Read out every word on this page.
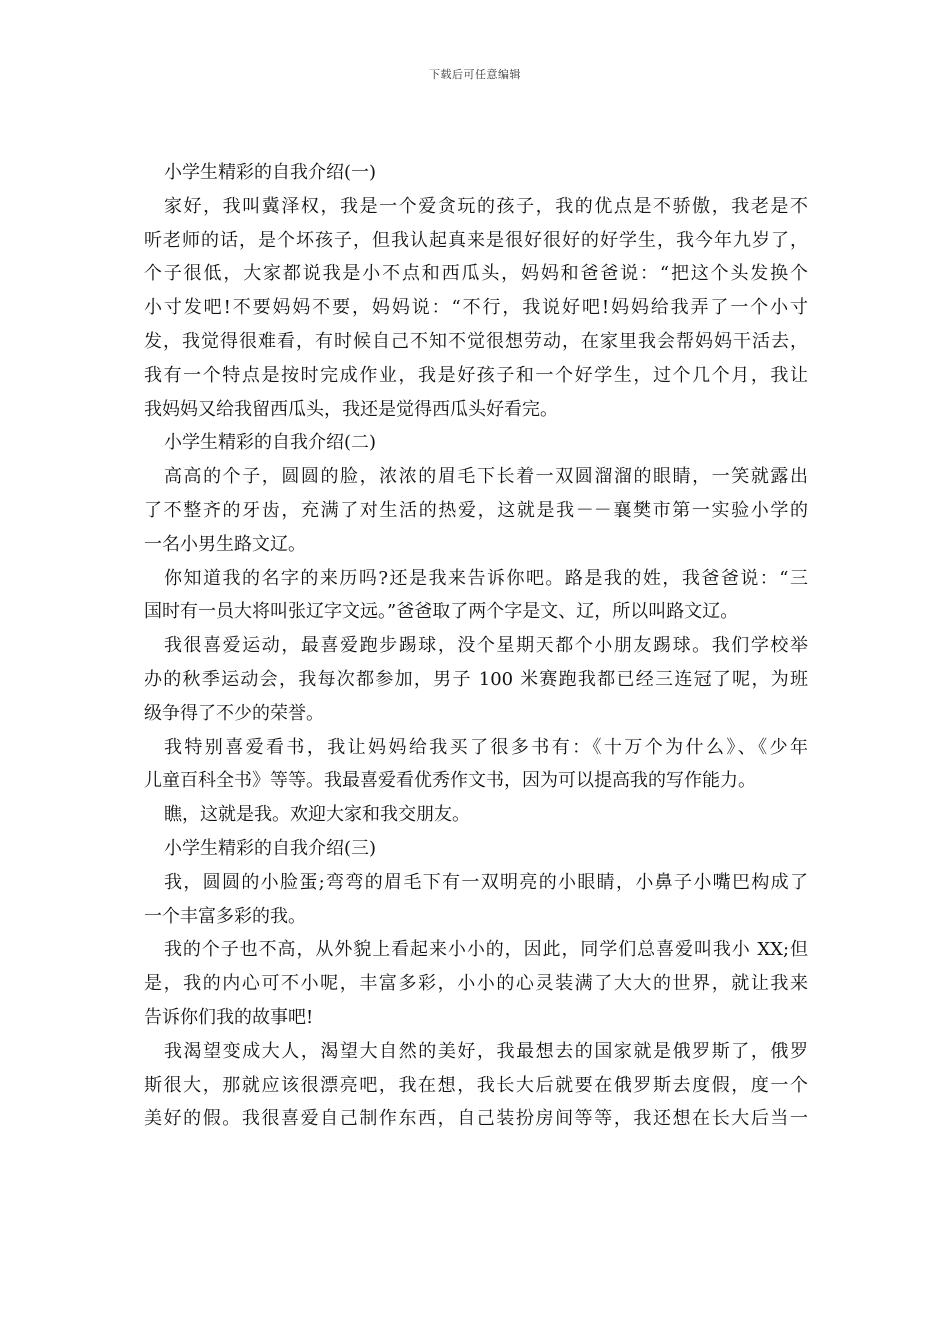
下载后可任意编辑
小学生精彩的自我介绍(一)
家好，我叫冀泽权，我是一个爱贪玩的孩子，我的优点是不骄傲，我老是不
听老师的话，是个坏孩子，但我认起真来是很好很好的好学生，我今年九岁了，
个子很低，大家都说我是小不点和西瓜头，妈妈和爸爸说：“把这个头发换个
小寸发吧!不要妈妈不要，妈妈说：“不行，我说好吧!妈妈给我弄了一个小寸
发，我觉得很难看，有时候自己不知不觉很想劳动，在家里我会帮妈妈干活去，
我有一个特点是按时完成作业，我是好孩子和一个好学生，过个几个月，我让
我妈妈又给我留西瓜头，我还是觉得西瓜头好看完。
小学生精彩的自我介绍(二)
高高的个子，圆圆的脸，浓浓的眉毛下长着一双圆溜溜的眼睛，一笑就露出
了不整齐的牙齿，充满了对生活的热爱，这就是我－－襄樊市第一实验小学的
一名小男生路文辽。
你知道我的名字的来历吗?还是我来告诉你吧。路是我的姓，我爸爸说：“三
国时有一员大将叫张辽字文远。”爸爸取了两个字是文、辽，所以叫路文辽。
我很喜爱运动，最喜爱跑步踢球，没个星期天都个小朋友踢球。我们学校举
办的秋季运动会，我每次都参加，男子 100 米赛跑我都已经三连冠了呢，为班
级争得了不少的荣誉。
我特别喜爱看书，我让妈妈给我买了很多书有：《十万个为什么》、《少年
儿童百科全书》等等。我最喜爱看优秀作文书，因为可以提高我的写作能力。
瞧，这就是我。欢迎大家和我交朋友。
小学生精彩的自我介绍(三)
我，圆圆的小脸蛋;弯弯的眉毛下有一双明亮的小眼睛，小鼻子小嘴巴构成了
一个丰富多彩的我。
我的个子也不高，从外貌上看起来小小的，因此，同学们总喜爱叫我小 XX;但
是，我的内心可不小呢，丰富多彩，小小的心灵装满了大大的世界，就让我来
告诉你们我的故事吧!
我渴望变成大人，渴望大自然的美好，我最想去的国家就是俄罗斯了，俄罗
斯很大，那就应该很漂亮吧，我在想，我长大后就要在俄罗斯去度假，度一个
美好的假。我很喜爱自己制作东西，自己装扮房间等等，我还想在长大后当一
